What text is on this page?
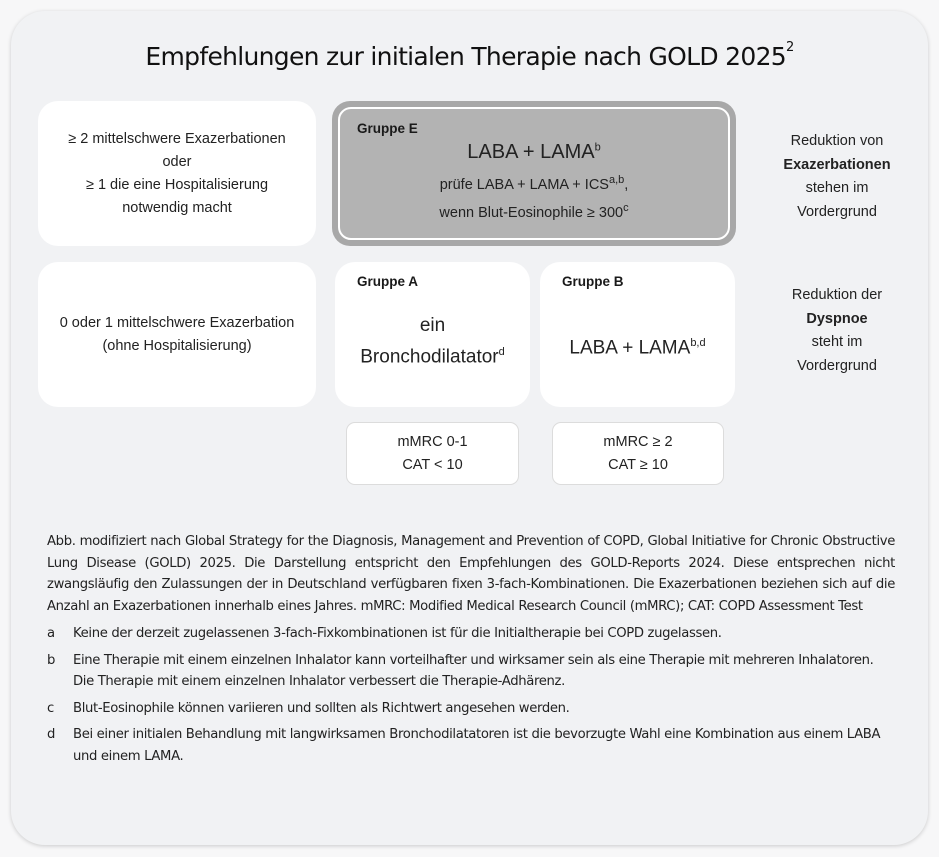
Empfehlungen zur initialen Therapie nach GOLD $2025^2$
≥ 2 mittelschwere Exazerbationen
oder
≥ 1 die eine Hospitalisierung
notwendig macht
Gruppe E
LABA + $LAMA^b$
prüfe LABA + LAMA + ICS$^{a,b}$,
wenn Blut-Eosinophile ≥ $300^c$
Reduktion von
Exazerbationen
stehen im
Vordergrund
0 oder 1 mittelschwere Exazerbation
(ohne Hospitalisierung)
Gruppe A
ein
Bronchodilatator$^d$
Gruppe B
LABA + LAMA$^{b,d}$
Reduktion der
Dyspnoe
steht im
Vordergrund
mMRC 0-1
CAT < 10
mMRC ≥ 2
CAT ≥ 10

Abb. modifiziert nach Global Strategy for the Diagnosis, Management and Prevention of COPD, Global Initiative for Chronic Obstructive Lung Disease (GOLD) 2025. Die Darstellung entspricht den Empfehlungen des GOLD-Reports 2024. Diese entsprechen nicht zwangsläufig den Zulassungen der in Deutschland verfügbaren fixen 3-fach-Kombinationen. Die Exazerbationen beziehen sich auf die Anzahl an Exazerbationen innerhalb eines Jahres. mMRC: Modified Medical Research Council (mMRC); CAT: COPD Assessment Test

a	Keine der derzeit zugelassenen 3-fach-Fixkombinationen ist für die Initialtherapie bei COPD zugelassen.
b	Eine Therapie mit einem einzelnen Inhalator kann vorteilhafter und wirksamer sein als eine Therapie mit mehreren Inhalatoren. Die Therapie mit einem einzelnen Inhalator verbessert die Therapie-Adhärenz.
c	Blut-Eosinophile können variieren und sollten als Richtwert angesehen werden.
d	Bei einer initialen Behandlung mit langwirksamen Bronchodilatatoren ist die bevorzugte Wahl eine Kombination aus einem LABA und einem LAMA.
